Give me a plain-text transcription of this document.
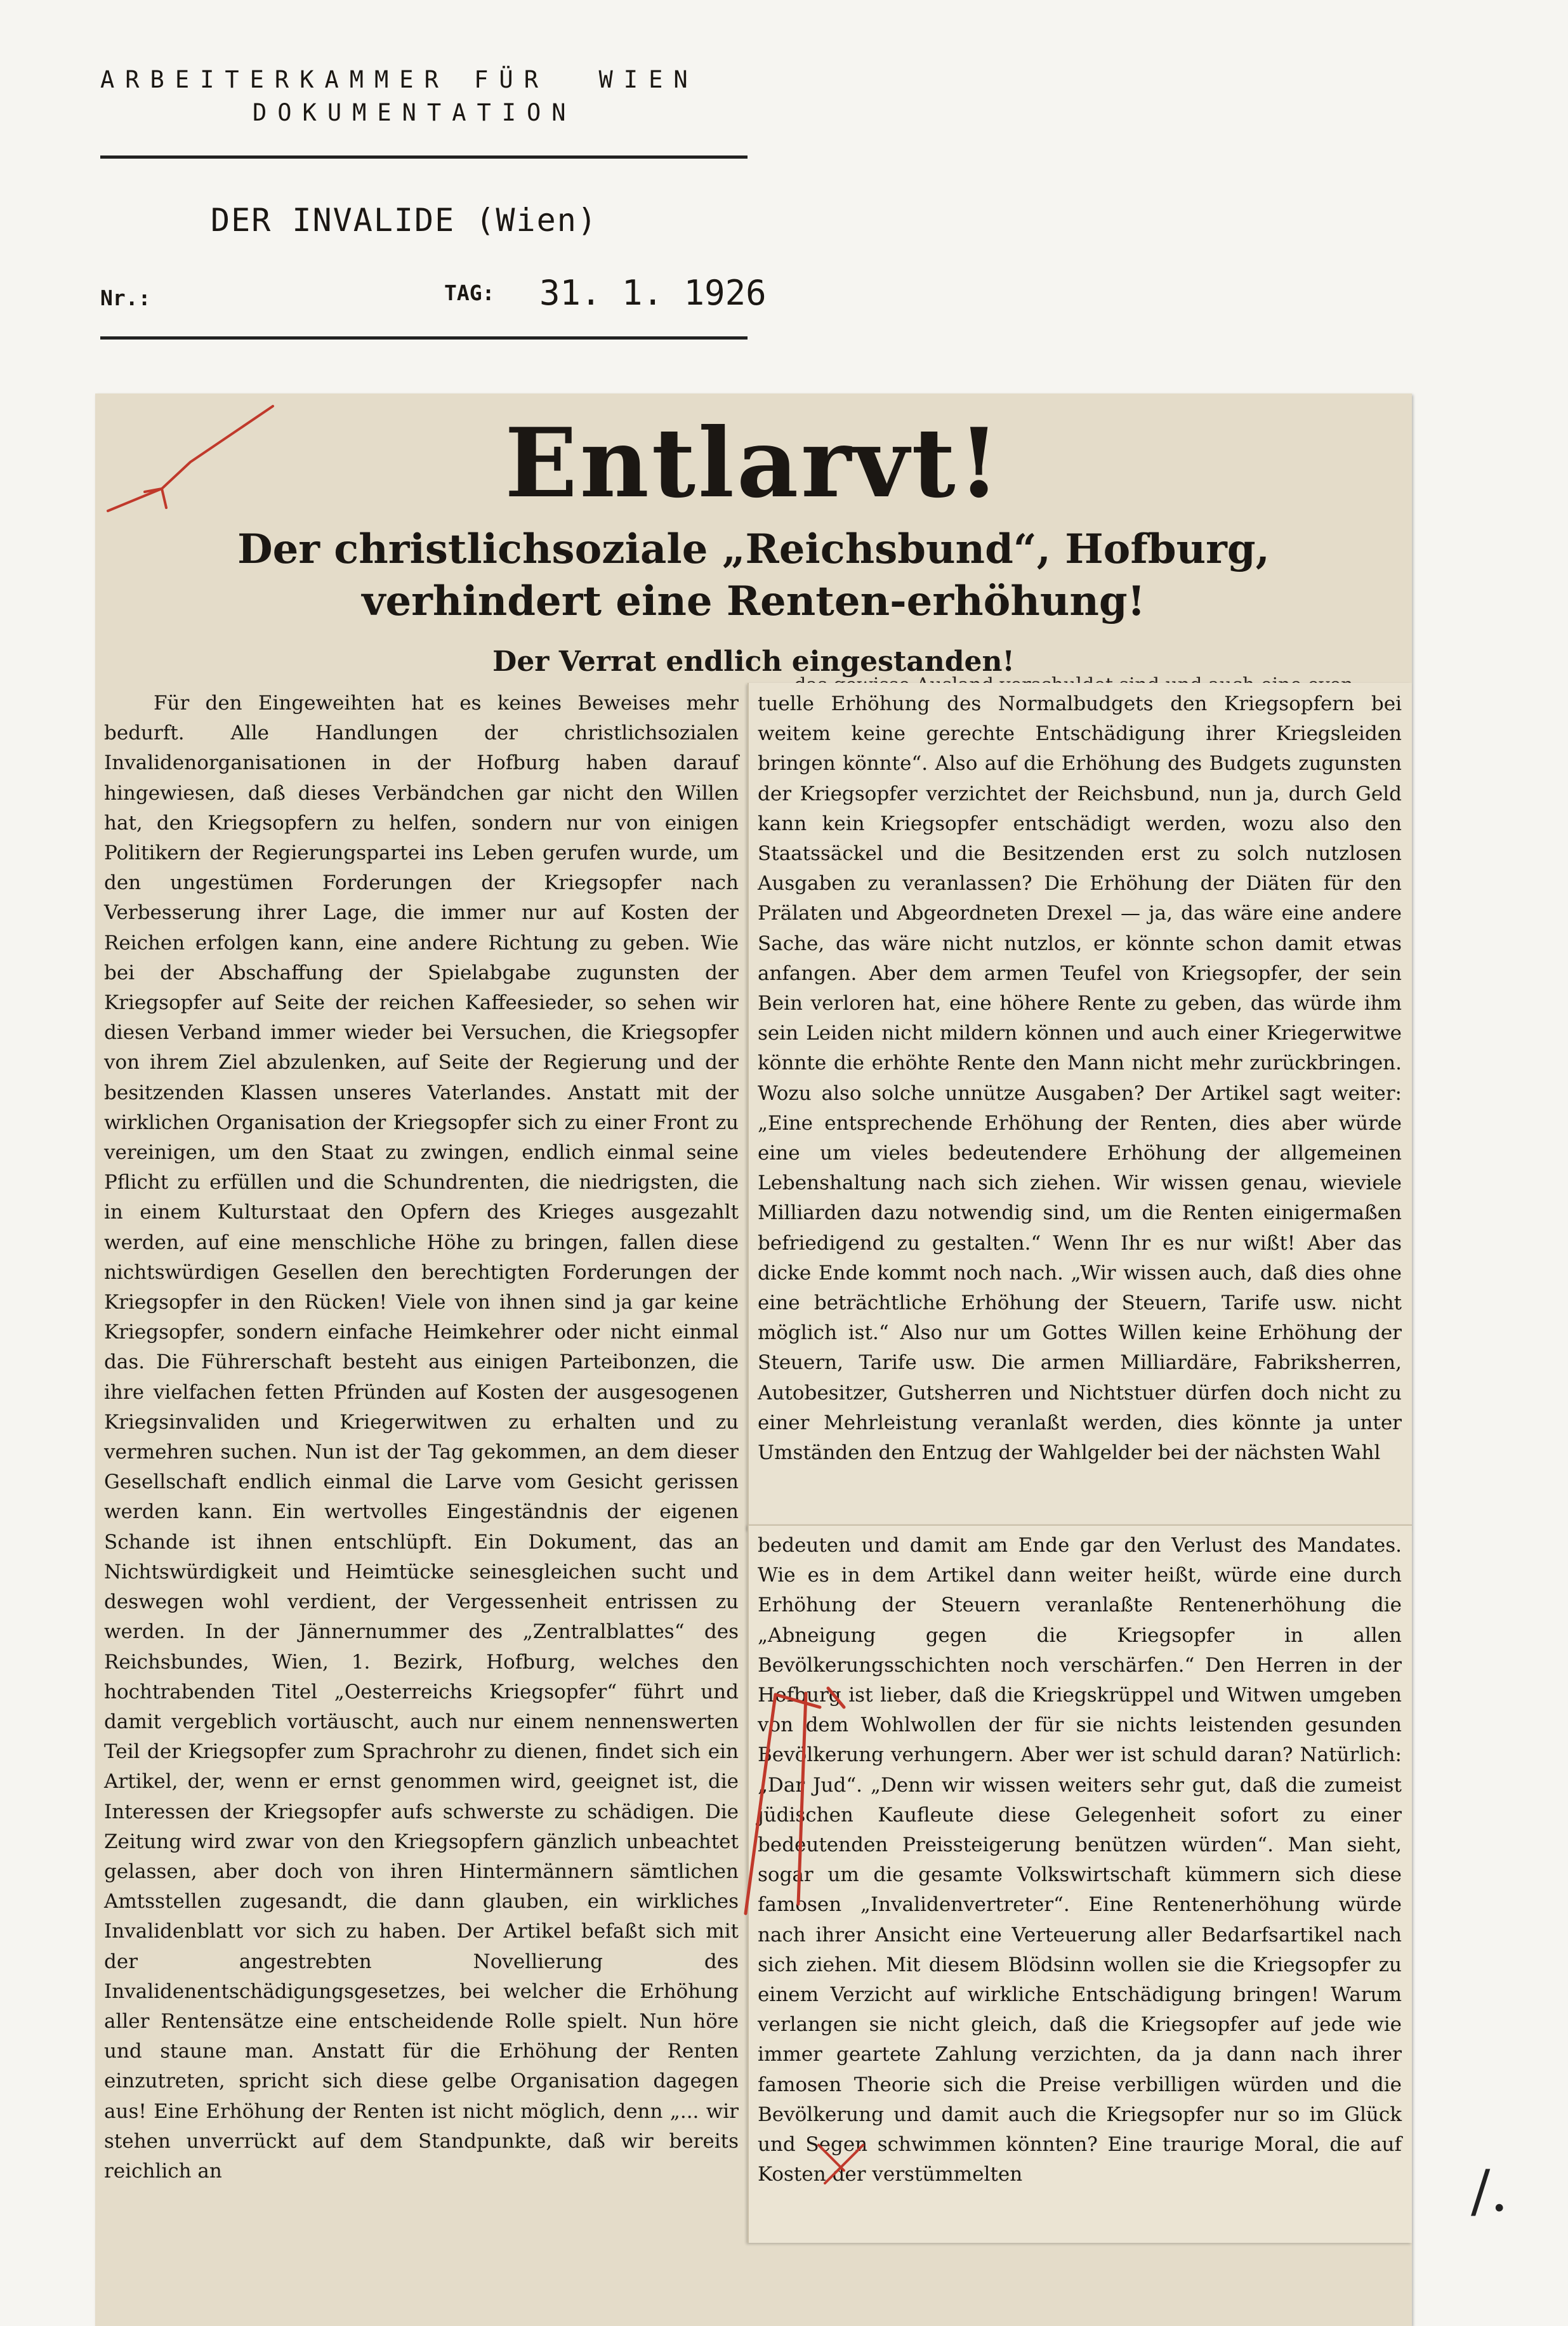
ARBEITERKAMMER FÜR  WIEN

DOKUMENTATION

DER INVALIDE (Wien)
Nr.:	TAG: 31. 1. 1926
Entlarvt!
Der christlichsoziale „Reichsbund“, Hofburg, verhindert eine Renten-erhöhung!
Der Verrat endlich eingestanden!

Für den Eingeweihten hat es keines Beweises mehr bedurft. Alle Handlungen der christlichsozialen Invalidenorganisationen in der Hofburg haben darauf hingewiesen, daß dieses Verbändchen gar nicht den Willen hat, den Kriegsopfern zu helfen, sondern nur von einigen Politikern der Regierungspartei ins Leben gerufen wurde, um den ungestümen Forderungen der Kriegsopfer nach Verbesserung ihrer Lage, die immer nur auf Kosten der Reichen erfolgen kann, eine andere Richtung zu geben. Wie bei der Abschaffung der Spielabgabe zugunsten der Kriegsopfer auf Seite der reichen Kaffeesieder, so sehen wir diesen Verband immer wieder bei Versuchen, die Kriegsopfer von ihrem Ziel abzulenken, auf Seite der Regierung und der besitzenden Klassen unseres Vaterlandes. Anstatt mit der wirklichen Organisation der Kriegsopfer sich zu einer Front zu vereinigen, um den Staat zu zwingen, endlich einmal seine Pflicht zu erfüllen und die Schundrenten, die niedrigsten, die in einem Kulturstaat den Opfern des Krieges ausgezahlt werden, auf eine menschliche Höhe zu bringen, fallen diese nichtswürdigen Gesellen den berechtigten Forderungen der Kriegsopfer in den Rücken! Viele von ihnen sind ja gar keine Kriegsopfer, sondern einfache Heimkehrer oder nicht einmal das. Die Führerschaft besteht aus einigen Parteibonzen, die ihre vielfachen fetten Pfründen auf Kosten der ausgesogenen Kriegsinvaliden und Kriegerwitwen zu erhalten und zu vermehren suchen. Nun ist der Tag gekommen, an dem dieser Gesellschaft endlich einmal die Larve vom Gesicht gerissen werden kann. Ein wertvolles Eingeständnis der eigenen Schande ist ihnen entschlüpft. Ein Dokument, das an Nichtswürdigkeit und Heimtücke seinesgleichen sucht und deswegen wohl verdient, der Vergessenheit entrissen zu werden. In der Jännernummer des „Zentralblattes“ des Reichsbundes, Wien, 1. Bezirk, Hofburg, welches den hochtrabenden Titel „Oesterreichs Kriegsopfer“ führt und damit vergeblich vortäuscht, auch nur einem nennenswerten Teil der Kriegsopfer zum Sprachrohr zu dienen, findet sich ein Artikel, der, wenn er ernst genommen wird, geeignet ist, die Interessen der Kriegsopfer aufs schwerste zu schädigen. Die Zeitung wird zwar von den Kriegsopfern gänzlich unbeachtet gelassen, aber doch von ihren Hintermännern sämtlichen Amtsstellen zugesandt, die dann glauben, ein wirkliches Invalidenblatt vor sich zu haben. Der Artikel befaßt sich mit der angestrebten Novellierung des Invalidenentschädigungsgesetzes, bei welcher die Erhöhung aller Rentensätze eine entscheidende Rolle spielt. Nun höre und staune man. Anstatt für die Erhöhung der Renten einzutreten, spricht sich diese gelbe Organisation dagegen aus! Eine Erhöhung der Renten ist nicht möglich, denn „... wir stehen unverrückt auf dem Standpunkte, daß wir bereits reichlich an

tuelle Erhöhung des Normalbudgets den Kriegsopfern bei weitem keine gerechte Entschädigung ihrer Kriegsleiden bringen könnte“. Also auf die Erhöhung des Budgets zugunsten der Kriegsopfer verzichtet der Reichsbund, nun ja, durch Geld kann kein Kriegsopfer entschädigt werden, wozu also den Staatssäckel und die Besitzenden erst zu solch nutzlosen Ausgaben zu veranlassen? Die Erhöhung der Diäten für den Prälaten und Abgeordneten Drexel — ja, das wäre eine andere Sache, das wäre nicht nutzlos, er könnte schon damit etwas anfangen. Aber dem armen Teufel von Kriegsopfer, der sein Bein verloren hat, eine höhere Rente zu geben, das würde ihm sein Leiden nicht mildern können und auch einer Kriegerwitwe könnte die erhöhte Rente den Mann nicht mehr zurückbringen. Wozu also solche unnütze Ausgaben? Der Artikel sagt weiter: „Eine entsprechende Erhöhung der Renten, dies aber würde eine um vieles bedeutendere Erhöhung der allgemeinen Lebenshaltung nach sich ziehen. Wir wissen genau, wieviele Milliarden dazu notwendig sind, um die Renten einigermaßen befriedigend zu gestalten.“ Wenn Ihr es nur wißt! Aber das dicke Ende kommt noch nach. „Wir wissen auch, daß dies ohne eine beträchtliche Erhöhung der Steuern, Tarife usw. nicht möglich ist.“ Also nur um Gottes Willen keine Erhöhung der Steuern, Tarife usw. Die armen Milliardäre, Fabriksherren, Autobesitzer, Gutsherren und Nichtstuer dürfen doch nicht zu einer Mehrleistung veranlaßt werden, dies könnte ja unter Umständen den Entzug der Wahlgelder bei der nächsten Wahl

bedeuten und damit am Ende gar den Verlust des Mandates. Wie es in dem Artikel dann weiter heißt, würde eine durch Erhöhung der Steuern veranlaßte Rentenerhöhung die „Abneigung gegen die Kriegsopfer in allen Bevölkerungsschichten noch verschärfen.“ Den Herren in der Hofburg ist lieber, daß die Kriegskrüppel und Witwen umgeben von dem Wohlwollen der für sie nichts leistenden gesunden Bevölkerung verhungern. Aber wer ist schuld daran? Natürlich: „Dar Jud“. „Denn wir wissen weiters sehr gut, daß die zumeist jüdischen Kaufleute diese Gelegenheit sofort zu einer bedeutenden Preissteigerung benützen würden“. Man sieht, sogar um die gesamte Volkswirtschaft kümmern sich diese famosen „Invalidenvertreter“. Eine Rentenerhöhung würde nach ihrer Ansicht eine Verteuerung aller Bedarfsartikel nach sich ziehen. Mit diesem Blödsinn wollen sie die Kriegsopfer zu einem Verzicht auf wirkliche Entschädigung bringen! Warum verlangen sie nicht gleich, daß die Kriegsopfer auf jede wie immer geartete Zahlung verzichten, da ja dann nach ihrer famosen Theorie sich die Preise verbilligen würden und die Bevölkerung und damit auch die Kriegsopfer nur so im Glück und Segen schwimmen könnten? Eine traurige Moral, die auf Kosten der verstümmelten	/.
